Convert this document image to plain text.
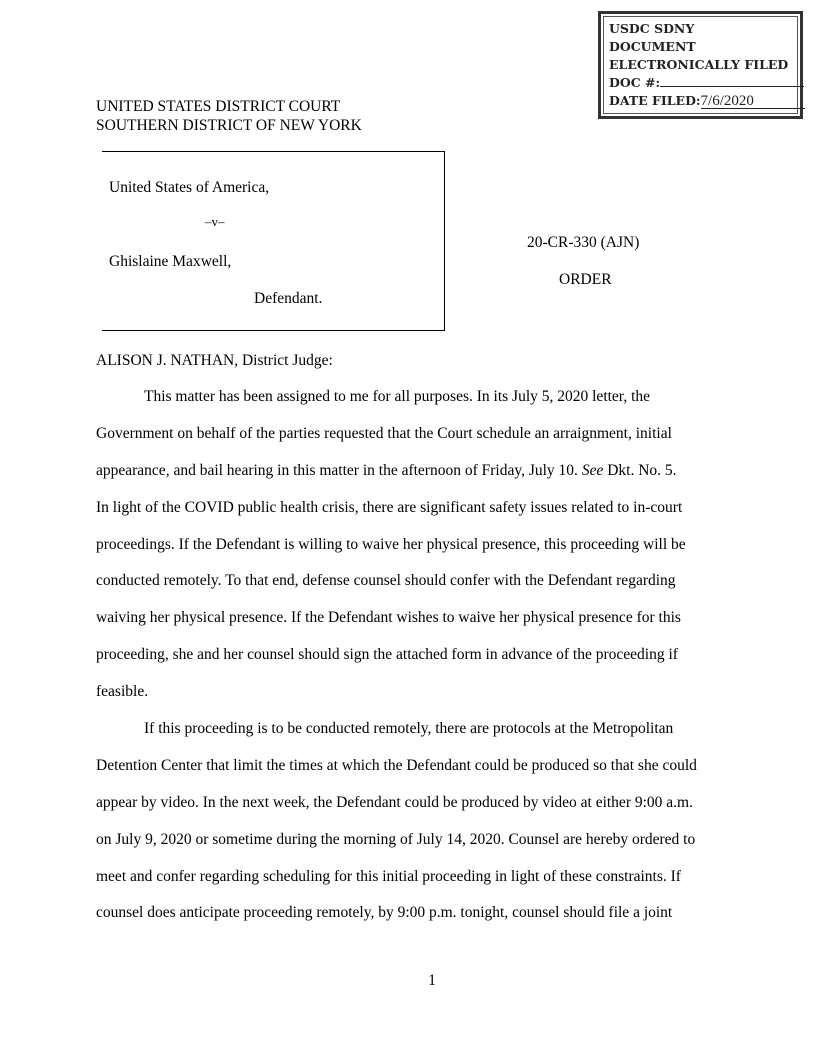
USDC SDNY
DOCUMENT
ELECTRONICALLY FILED
DOC #:
DATE FILED:7/6/2020
UNITED STATES DISTRICT COURT
SOUTHERN DISTRICT OF NEW YORK
United States of America,
–v–
Ghislaine Maxwell,
Defendant.
20-CR-330 (AJN)
ORDER
ALISON J. NATHAN, District Judge:
This matter has been assigned to me for all purposes. In its July 5, 2020 letter, the
Government on behalf of the parties requested that the Court schedule an arraignment, initial
appearance, and bail hearing in this matter in the afternoon of Friday, July 10. See Dkt. No. 5.
In light of the COVID public health crisis, there are significant safety issues related to in-court
proceedings. If the Defendant is willing to waive her physical presence, this proceeding will be
conducted remotely. To that end, defense counsel should confer with the Defendant regarding
waiving her physical presence. If the Defendant wishes to waive her physical presence for this
proceeding, she and her counsel should sign the attached form in advance of the proceeding if
feasible.
If this proceeding is to be conducted remotely, there are protocols at the Metropolitan
Detention Center that limit the times at which the Defendant could be produced so that she could
appear by video. In the next week, the Defendant could be produced by video at either 9:00 a.m.
on July 9, 2020 or sometime during the morning of July 14, 2020. Counsel are hereby ordered to
meet and confer regarding scheduling for this initial proceeding in light of these constraints. If
counsel does anticipate proceeding remotely, by 9:00 p.m. tonight, counsel should file a joint
1
